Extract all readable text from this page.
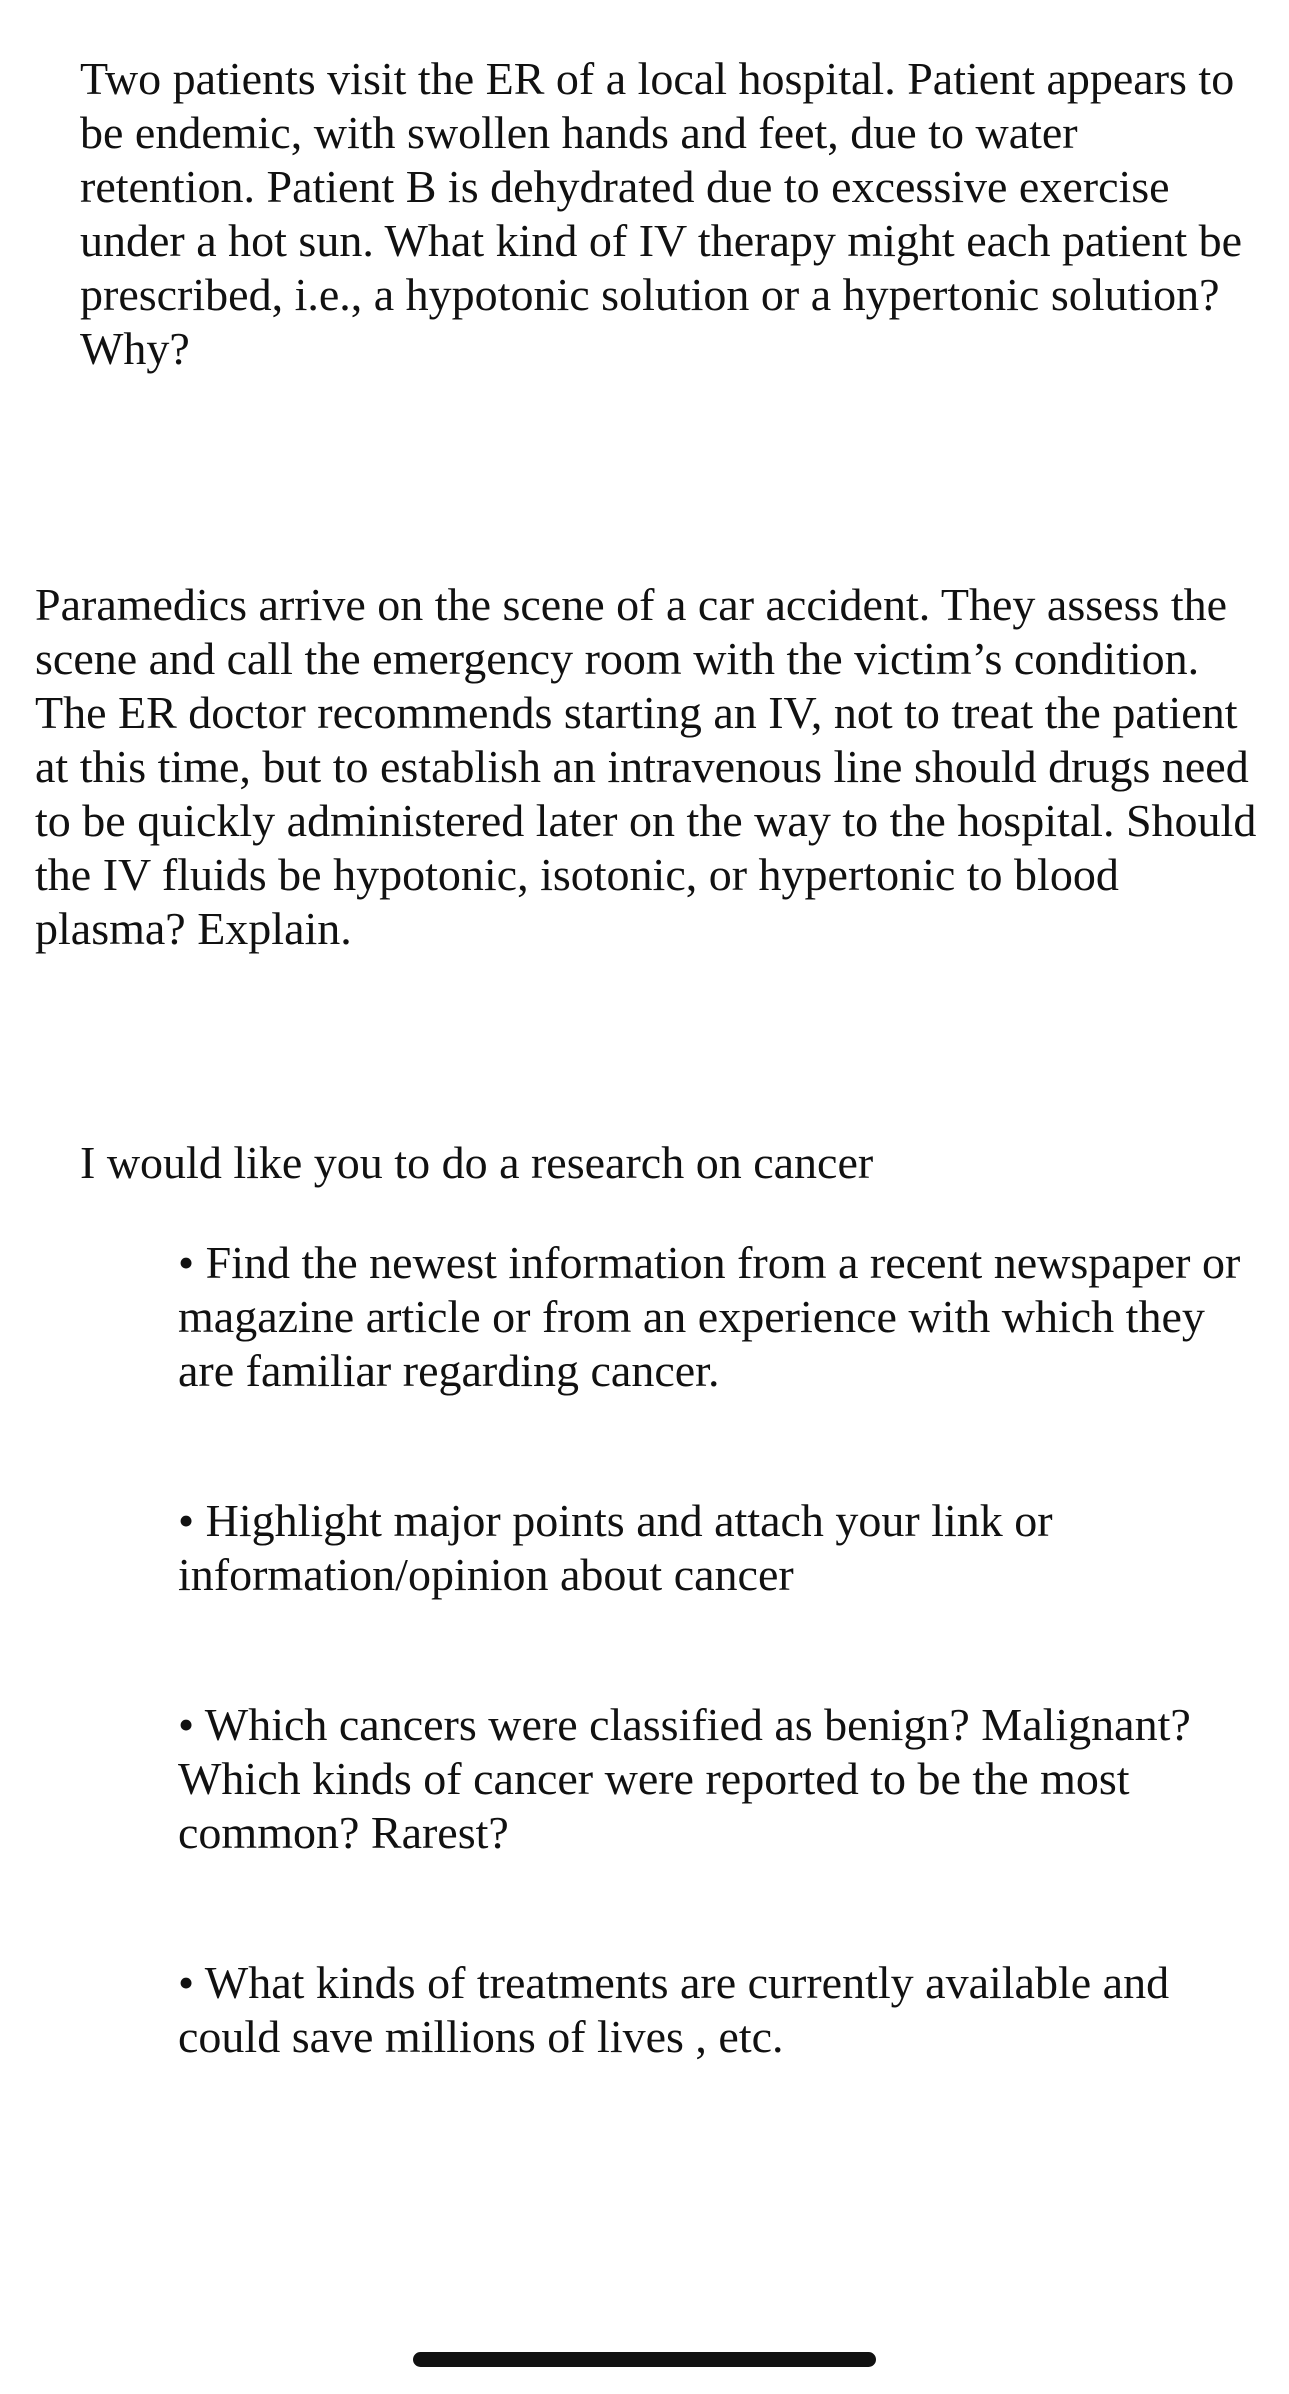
Two patients visit the ER of a local hospital. Patient appears to be endemic, with swollen hands and feet, due to water retention. Patient B is dehydrated due to excessive exercise under a hot sun. What kind of IV therapy might each patient be prescribed, i.e., a hypotonic solution or a hypertonic solution? Why?

Paramedics arrive on the scene of a car accident. They assess the scene and call the emergency room with the victim’s condition. The ER doctor recommends starting an IV, not to treat the patient at this time, but to establish an intravenous line should drugs need to be quickly administered later on the way to the hospital. Should the IV fluids be hypotonic, isotonic, or hypertonic to blood plasma? Explain.

I would like you to do a research on cancer

• Find the newest information from a recent newspaper or magazine article or from an experience with which they are familiar regarding cancer.

• Highlight major points and attach your link or information/opinion about cancer

• Which cancers were classified as benign? Malignant? Which kinds of cancer were reported to be the most common? Rarest?

• What kinds of treatments are currently available and could save millions of lives , etc.
